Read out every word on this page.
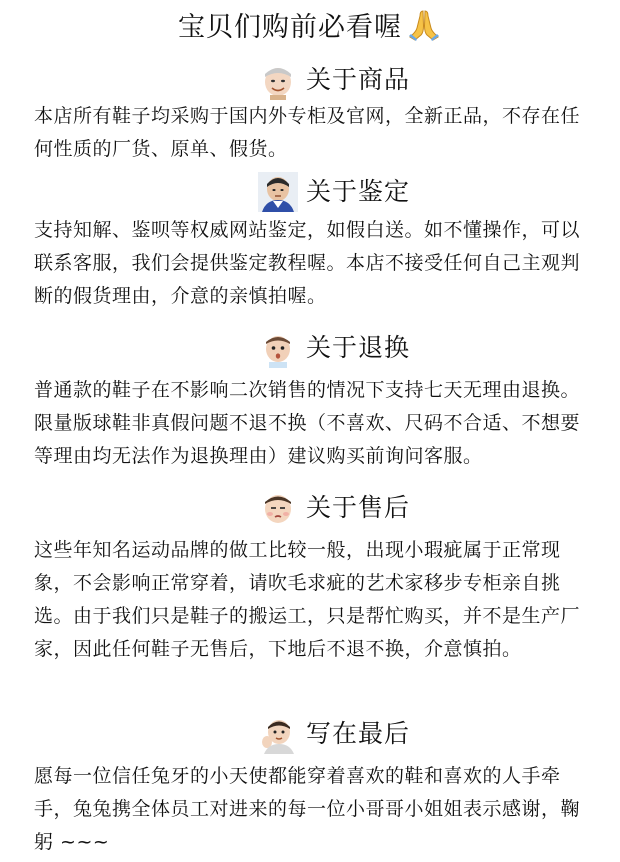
宝贝们购前必看喔
关于商品
本店所有鞋子均采购于国内外专柜及官网，全新正品，不存在任何性质的厂货、原单、假货。
关于鉴定
支持知解、鉴呗等权威网站鉴定，如假白送。如不懂操作，可以联系客服，我们会提供鉴定教程喔。本店不接受任何自己主观判断的假货理由，介意的亲慎拍喔。
关于退换
普通款的鞋子在不影响二次销售的情况下支持七天无理由退换。限量版球鞋非真假问题不退不换（不喜欢、尺码不合适、不想要等理由均无法作为退换理由）建议购买前询问客服。
关于售后
这些年知名运动品牌的做工比较一般，出现小瑕疵属于正常现象，不会影响正常穿着，请吹毛求疵的艺术家移步专柜亲自挑选。由于我们只是鞋子的搬运工，只是帮忙购买，并不是生产厂家，因此任何鞋子无售后，下地后不退不换，介意慎拍。
写在最后
愿每一位信任兔牙的小天使都能穿着喜欢的鞋和喜欢的人手牵手，兔兔携全体员工对进来的每一位小哥哥小姐姐表示感谢，鞠躬 ~~~
